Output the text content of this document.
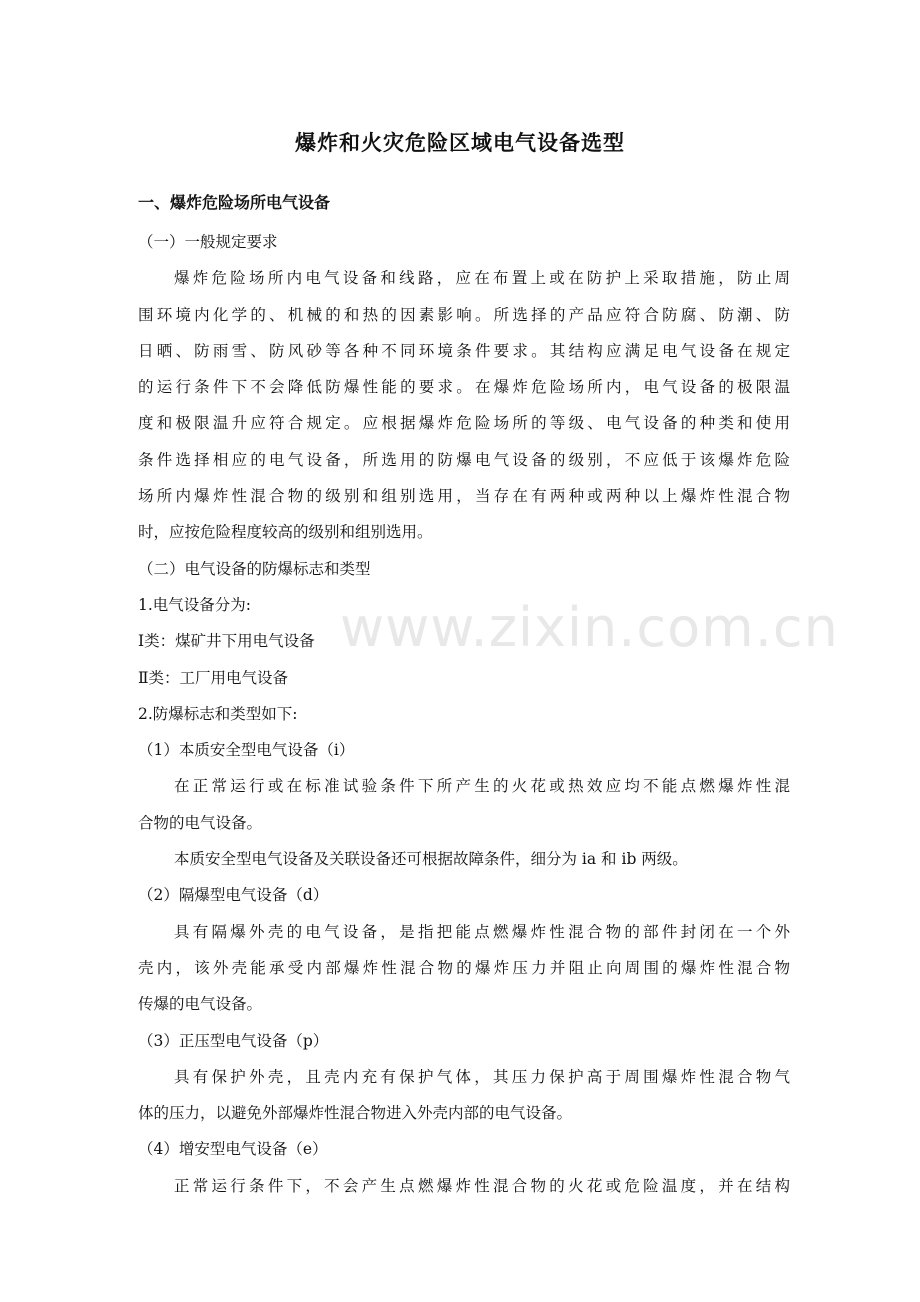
爆炸和火灾危险区域电气设备选型
一、爆炸危险场所电气设备
（一）一般规定要求
爆炸危险场所内电气设备和线路，应在布置上或在防护上采取措施，防止周
围环境内化学的、机械的和热的因素影响。所选择的产品应符合防腐、防潮、防
日晒、防雨雪、防风砂等各种不同环境条件要求。其结构应满足电气设备在规定
的运行条件下不会降低防爆性能的要求。在爆炸危险场所内，电气设备的极限温
度和极限温升应符合规定。应根据爆炸危险场所的等级、电气设备的种类和使用
条件选择相应的电气设备，所选用的防爆电气设备的级别，不应低于该爆炸危险
场所内爆炸性混合物的级别和组别选用，当存在有两种或两种以上爆炸性混合物
时，应按危险程度较高的级别和组别选用。
（二）电气设备的防爆标志和类型
1.电气设备分为:
Ⅰ类：煤矿井下用电气设备
Ⅱ类：工厂用电气设备
2.防爆标志和类型如下:
（1）本质安全型电气设备（i）
在正常运行或在标准试验条件下所产生的火花或热效应均不能点燃爆炸性混
合物的电气设备。
本质安全型电气设备及关联设备还可根据故障条件，细分为 ia 和 ib 两级。
（2）隔爆型电气设备（d）
具有隔爆外壳的电气设备，是指把能点燃爆炸性混合物的部件封闭在一个外
壳内，该外壳能承受内部爆炸性混合物的爆炸压力并阻止向周围的爆炸性混合物
传爆的电气设备。
（3）正压型电气设备（p）
具有保护外壳，且壳内充有保护气体，其压力保护高于周围爆炸性混合物气
体的压力，以避免外部爆炸性混合物进入外壳内部的电气设备。
（4）增安型电气设备（e）
正常运行条件下，不会产生点燃爆炸性混合物的火花或危险温度，并在结构
www.zixin.com.cn
